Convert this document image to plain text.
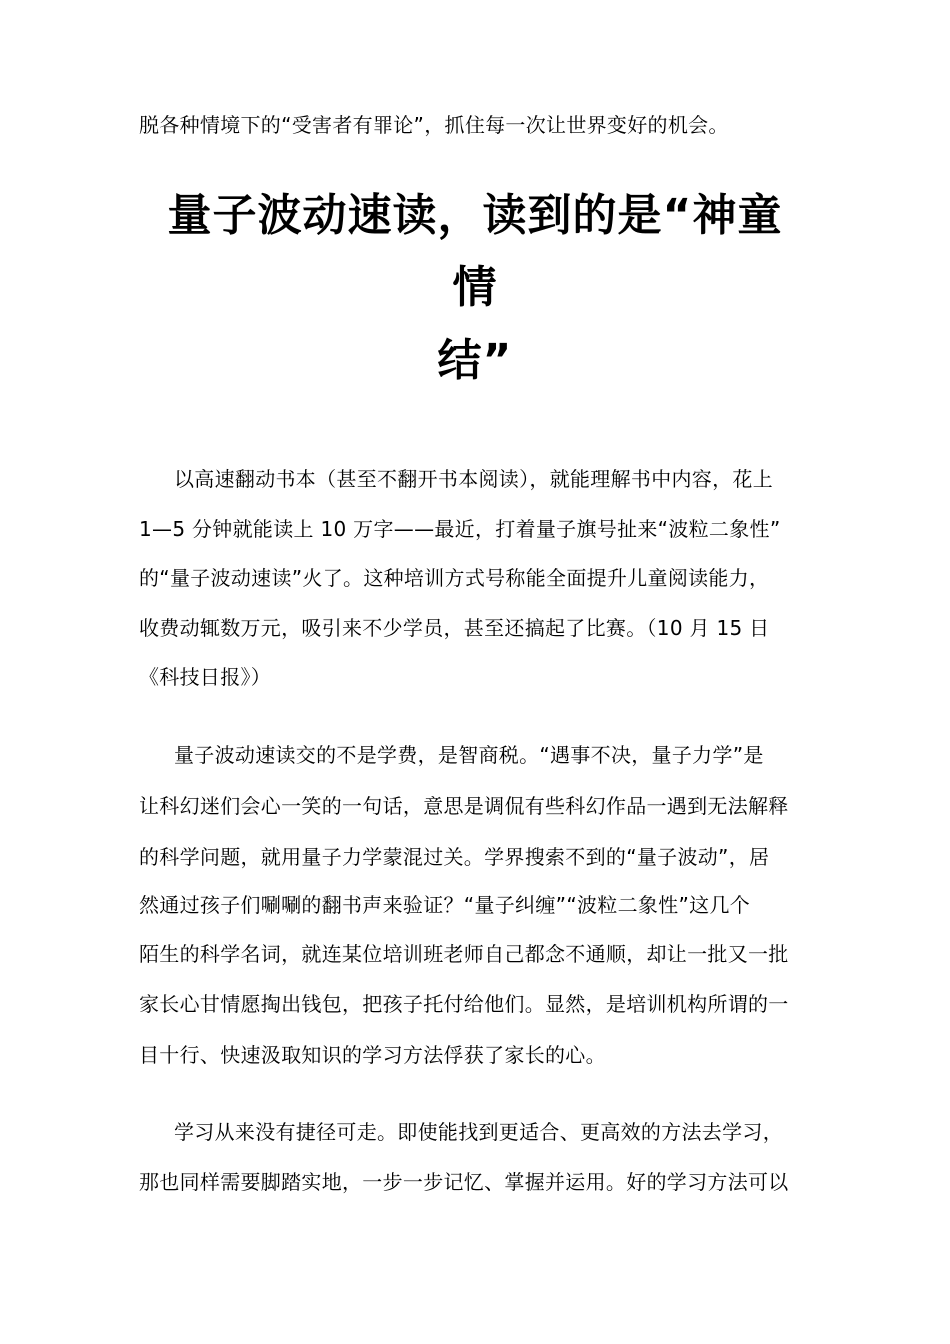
脱各种情境下的“受害者有罪论”，抓住每一次让世界变好的机会。
量子波动速读，读到的是“神童
情
结”
以高速翻动书本（甚至不翻开书本阅读），就能理解书中内容，花上
1—5 分钟就能读上 10 万字——最近，打着量子旗号扯来“波粒二象性”
的“量子波动速读”火了。这种培训方式号称能全面提升儿童阅读能力，
收费动辄数万元，吸引来不少学员，甚至还搞起了比赛。（10 月 15 日
《科技日报》）
量子波动速读交的不是学费，是智商税。“遇事不决，量子力学”是
让科幻迷们会心一笑的一句话，意思是调侃有些科幻作品一遇到无法解释
的科学问题，就用量子力学蒙混过关。学界搜索不到的“量子波动”，居
然通过孩子们唰唰的翻书声来验证？“量子纠缠”“波粒二象性”这几个
陌生的科学名词，就连某位培训班老师自己都念不通顺，却让一批又一批
家长心甘情愿掏出钱包，把孩子托付给他们。显然，是培训机构所谓的一
目十行、快速汲取知识的学习方法俘获了家长的心。
学习从来没有捷径可走。即使能找到更适合、更高效的方法去学习，
那也同样需要脚踏实地，一步一步记忆、掌握并运用。好的学习方法可以
